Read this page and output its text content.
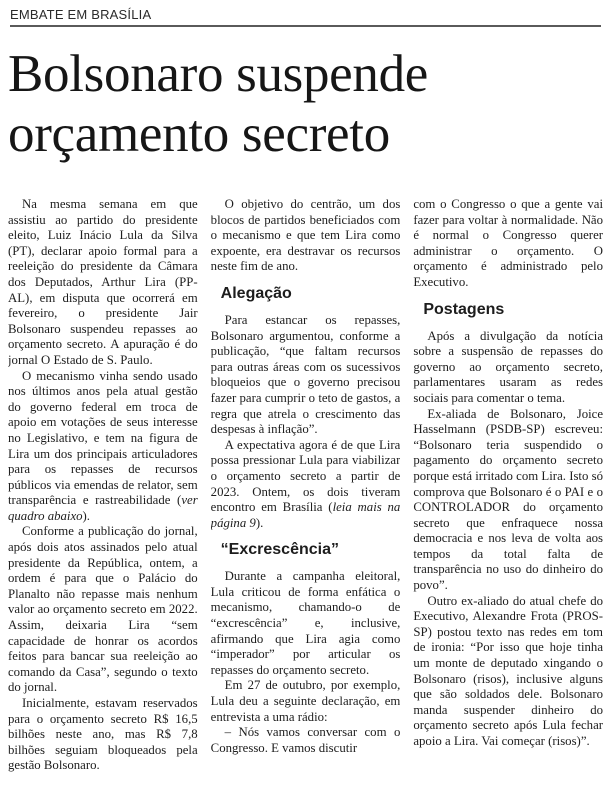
EMBATE EM BRASÍLIA
Bolsonaro suspende
orçamento secreto

Na mesma semana em que assistiu ao partido do presidente eleito, Luiz Inácio Lula da Silva (PT), declarar apoio formal para a reeleição do presidente da Câmara dos Deputados, Arthur Lira (PP-AL), em disputa que ocorrerá em fevereiro, o presidente Jair Bolsonaro suspendeu repasses ao orçamento secreto. A apuração é do jornal O Estado de S. Paulo.

O mecanismo vinha sendo usado nos últimos anos pela atual gestão do governo federal em troca de apoio em votações de seus interesse no Legislativo, e tem na figura de Lira um dos principais articuladores para os repasses de recursos públicos via emendas de relator, sem transparência e rastreabilidade (ver quadro abaixo).

Conforme a publicação do jornal, após dois atos assinados pelo atual presidente da República, ontem, a ordem é para que o Palácio do Planalto não repasse mais nenhum valor ao orçamento secreto em 2022. Assim, deixaria Lira “sem capacidade de honrar os acordos feitos para bancar sua reeleição ao comando da Casa”, segundo o texto do jornal.

Inicialmente, estavam reservados para o orçamento secreto R$ 16,5 bilhões neste ano, mas R$ 7,8 bilhões seguiam bloqueados pela gestão Bolsonaro.

O objetivo do centrão, um dos blocos de partidos beneficiados com o mecanismo e que tem Lira como expoente, era destravar os recursos neste fim de ano.

Alegação

Para estancar os repasses, Bolsonaro argumentou, conforme a publicação, “que faltam recursos para outras áreas com os sucessivos bloqueios que o governo precisou fazer para cumprir o teto de gastos, a regra que atrela o crescimento das despesas à inflação”.

A expectativa agora é de que Lira possa pressionar Lula para viabilizar o orçamento secreto a partir de 2023. Ontem, os dois tiveram encontro em Brasília (leia mais na página 9).

“Excrescência”

Durante a campanha eleitoral, Lula criticou de forma enfática o mecanismo, chamando-o de “excrescência” e, inclusive, afirmando que Lira agia como “imperador” por articular os repasses do orçamento secreto.

Em 27 de outubro, por exemplo, Lula deu a seguinte declaração, em entrevista a uma rádio:

– Nós vamos conversar com o Congresso. E vamos discutir

com o Congresso o que a gente vai fazer para voltar à normalidade. Não é normal o Congresso querer administrar o orçamento. O orçamento é administrado pelo Executivo.

Postagens

Após a divulgação da notícia sobre a suspensão de repasses do governo ao orçamento secreto, parlamentares usaram as redes sociais para comentar o tema.

Ex-aliada de Bolsonaro, Joice Hasselmann (PSDB-SP) escreveu: “Bolsonaro teria suspendido o pagamento do orçamento secreto porque está irritado com Lira. Isto só comprova que Bolsonaro é o PAI e o CONTROLADOR do orçamento secreto que enfraquece nossa democracia e nos leva de volta aos tempos da total falta de transparência no uso do dinheiro do povo”.

Outro ex-aliado do atual chefe do Executivo, Alexandre Frota (PROS-SP) postou texto nas redes em tom de ironia: “Por isso que hoje tinha um monte de deputado xingando o Bolsonaro (risos), inclusive alguns que são soldados dele. Bolsonaro manda suspender dinheiro do orçamento secreto após Lula fechar apoio a Lira. Vai começar (risos)”.
